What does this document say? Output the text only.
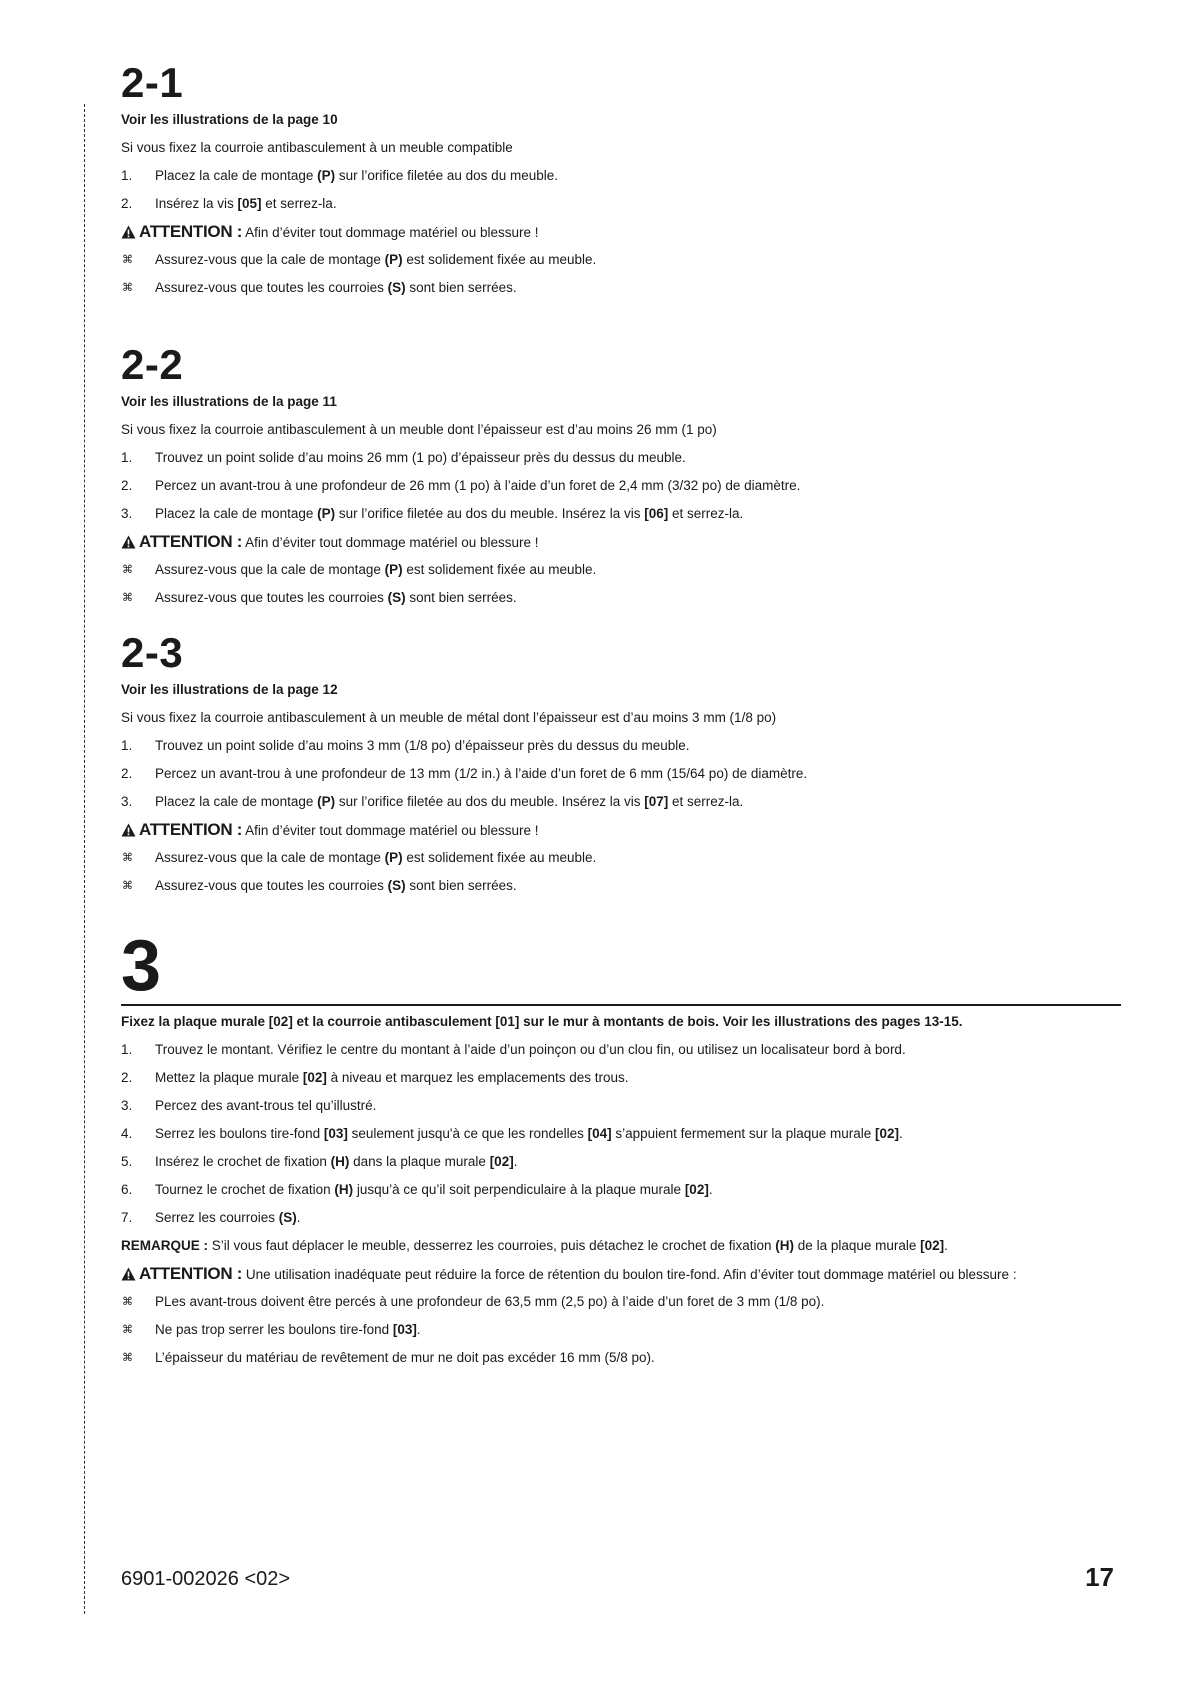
2-1
Voir les illustrations de la page 10
Si vous fixez la courroie antibasculement à un meuble compatible
1.	Placez la cale de montage (P) sur l’orifice filetée au dos du meuble.
2.	Insérez la vis [05] et serrez-la.
ATTENTION : Afin d’éviter tout dommage matériel ou blessure !
⌘ Assurez-vous que la cale de montage (P) est solidement fixée au meuble.
⌘ Assurez-vous que toutes les courroies (S) sont bien serrées.
2-2
Voir les illustrations de la page 11
Si vous fixez la courroie antibasculement à un meuble dont l’épaisseur est d’au moins 26 mm (1 po)
1.	Trouvez un point solide d’au moins 26 mm (1 po) d’épaisseur près du dessus du meuble.
2.	Percez un avant-trou à une profondeur de 26 mm (1 po) à l’aide d’un foret de 2,4 mm (3/32 po) de diamètre.
3.	Placez la cale de montage (P) sur l’orifice filetée au dos du meuble. Insérez la vis [06] et serrez-la.
ATTENTION : Afin d’éviter tout dommage matériel ou blessure !
⌘ Assurez-vous que la cale de montage (P) est solidement fixée au meuble.
⌘ Assurez-vous que toutes les courroies (S) sont bien serrées.
2-3
Voir les illustrations de la page 12
Si vous fixez la courroie antibasculement à un meuble de métal dont l’épaisseur est d’au moins 3 mm (1/8 po)
1.	Trouvez un point solide d’au moins 3 mm (1/8 po) d’épaisseur près du dessus du meuble.
2.	Percez un avant-trou à une profondeur de 13 mm (1/2 in.) à l’aide d’un foret de 6 mm (15/64 po) de diamètre.
3.	Placez la cale de montage (P) sur l’orifice filetée au dos du meuble. Insérez la vis [07] et serrez-la.
ATTENTION : Afin d’éviter tout dommage matériel ou blessure !
⌘ Assurez-vous que la cale de montage (P) est solidement fixée au meuble.
⌘ Assurez-vous que toutes les courroies (S) sont bien serrées.
3
Fixez la plaque murale [02] et la courroie antibasculement [01] sur le mur à montants de bois. Voir les illustrations des pages 13-15.
1.	Trouvez le montant. Vérifiez le centre du montant à l’aide d’un poinçon ou d’un clou fin, ou utilisez un localisateur bord à bord.
2.	Mettez la plaque murale [02] à niveau et marquez les emplacements des trous.
3.	Percez des avant-trous tel qu’illustré.
4.	Serrez les boulons tire-fond [03] seulement jusqu'à ce que les rondelles [04] s’appuient fermement sur la plaque murale [02].
5.	Insérez le crochet de fixation (H) dans la plaque murale [02].
6.	Tournez le crochet de fixation (H) jusqu’à ce qu’il soit perpendiculaire à la plaque murale [02].
7.	Serrez les courroies (S).
REMARQUE : S’il vous faut déplacer le meuble, desserrez les courroies, puis détachez le crochet de fixation (H) de la plaque murale [02].
ATTENTION : Une utilisation inadéquate peut réduire la force de rétention du boulon tire-fond. Afin d’éviter tout dommage matériel ou blessure :
⌘ PLes avant-trous doivent être percés à une profondeur de 63,5 mm (2,5 po) à l’aide d’un foret de 3 mm (1/8 po).
⌘ Ne pas trop serrer les boulons tire-fond [03].
⌘ L’épaisseur du matériau de revêtement de mur ne doit pas excéder 16 mm (5/8 po).
6901-002026 <02>	17
